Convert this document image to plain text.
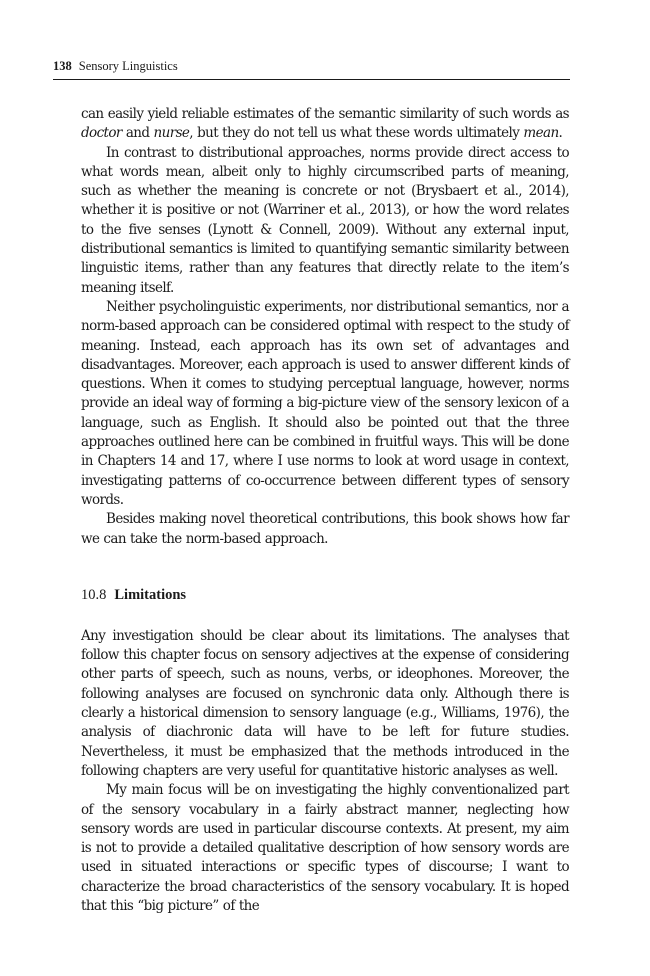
138 Sensory Linguistics

can easily yield reliable estimates of the semantic similarity of such words as doctor and nurse, but they do not tell us what these words ultimately mean.

In contrast to distributional approaches, norms provide direct access to what words mean, albeit only to highly circumscribed parts of meaning, such as whether the meaning is concrete or not (Brysbaert et al., 2014), whether it is positive or not (Warriner et al., 2013), or how the word relates to the five senses (Lynott & Connell, 2009). Without any external input, distributional semantics is limited to quantifying semantic similarity between linguistic items, rather than any features that directly relate to the item’s meaning itself.

Neither psycholinguistic experiments, nor distributional semantics, nor a norm-based approach can be considered optimal with respect to the study of meaning. Instead, each approach has its own set of advantages and disadvantages. Moreover, each approach is used to answer different kinds of questions. When it comes to studying perceptual language, however, norms provide an ideal way of forming a big-picture view of the sensory lexicon of a language, such as English. It should also be pointed out that the three approaches outlined here can be combined in fruitful ways. This will be done in Chapters 14 and 17, where I use norms to look at word usage in context, investigating patterns of co-occurrence between different types of sensory words.

Besides making novel theoretical contributions, this book shows how far we can take the norm-based approach.

10.8 Limitations

Any investigation should be clear about its limitations. The analyses that follow this chapter focus on sensory adjectives at the expense of considering other parts of speech, such as nouns, verbs, or ideophones. Moreover, the following analyses are focused on synchronic data only. Although there is clearly a historical dimension to sensory language (e.g., Williams, 1976), the analysis of diachronic data will have to be left for future studies. Nevertheless, it must be emphasized that the methods introduced in the following chapters are very useful for quantitative historic analyses as well.

My main focus will be on investigating the highly conventionalized part of the sensory vocabulary in a fairly abstract manner, neglecting how sensory words are used in particular discourse contexts. At present, my aim is not to provide a detailed qualitative description of how sensory words are used in situated interactions or specific types of discourse; I want to characterize the broad characteristics of the sensory vocabulary. It is hoped that this “big picture” of the
